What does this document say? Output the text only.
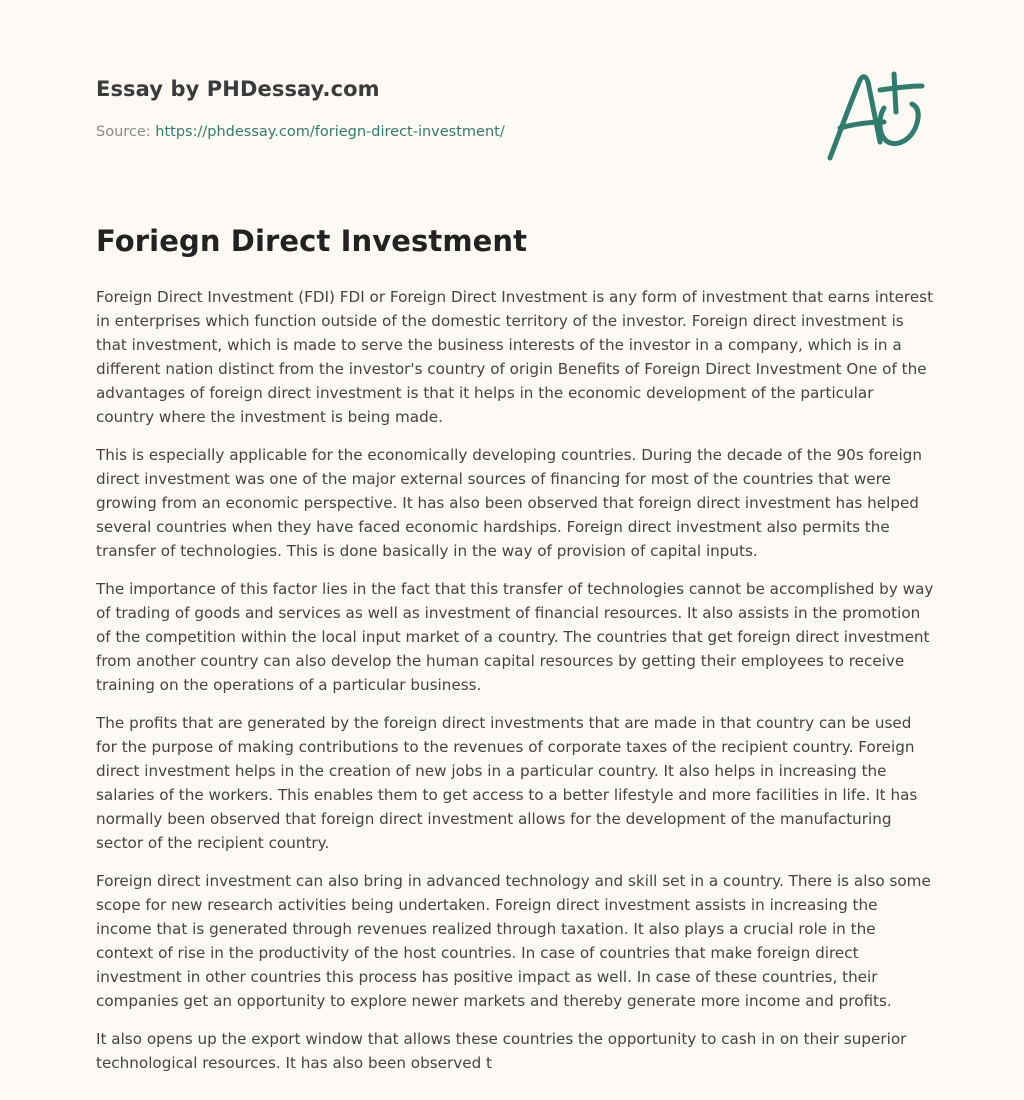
Essay by PHDessay.com
Source: https://phdessay.com/foriegn-direct-investment/
Foriegn Direct Investment

Foreign Direct Investment (FDI) FDI or Foreign Direct Investment is any form of investment that earns interest in enterprises which function outside of the domestic territory of the investor. Foreign direct investment is that investment, which is made to serve the business interests of the investor in a company, which is in a different nation distinct from the investor's country of origin Benefits of Foreign Direct Investment One of the advantages of foreign direct investment is that it helps in the economic development of the particular country where the investment is being made.

This is especially applicable for the economically developing countries. During the decade of the 90s foreign direct investment was one of the major external sources of financing for most of the countries that were growing from an economic perspective. It has also been observed that foreign direct investment has helped several countries when they have faced economic hardships. Foreign direct investment also permits the transfer of technologies. This is done basically in the way of provision of capital inputs.

The importance of this factor lies in the fact that this transfer of technologies cannot be accomplished by way of trading of goods and services as well as investment of financial resources. It also assists in the promotion of the competition within the local input market of a country. The countries that get foreign direct investment from another country can also develop the human capital resources by getting their employees to receive training on the operations of a particular business.

The profits that are generated by the foreign direct investments that are made in that country can be used for the purpose of making contributions to the revenues of corporate taxes of the recipient country. Foreign direct investment helps in the creation of new jobs in a particular country. It also helps in increasing the salaries of the workers. This enables them to get access to a better lifestyle and more facilities in life. It has normally been observed that foreign direct investment allows for the development of the manufacturing sector of the recipient country.

Foreign direct investment can also bring in advanced technology and skill set in a country. There is also some scope for new research activities being undertaken. Foreign direct investment assists in increasing the income that is generated through revenues realized through taxation. It also plays a crucial role in the context of rise in the productivity of the host countries. In case of countries that make foreign direct investment in other countries this process has positive impact as well. In case of these countries, their companies get an opportunity to explore newer markets and thereby generate more income and profits.

It also opens up the export window that allows these countries the opportunity to cash in on their superior technological resources. It has also been observed t
